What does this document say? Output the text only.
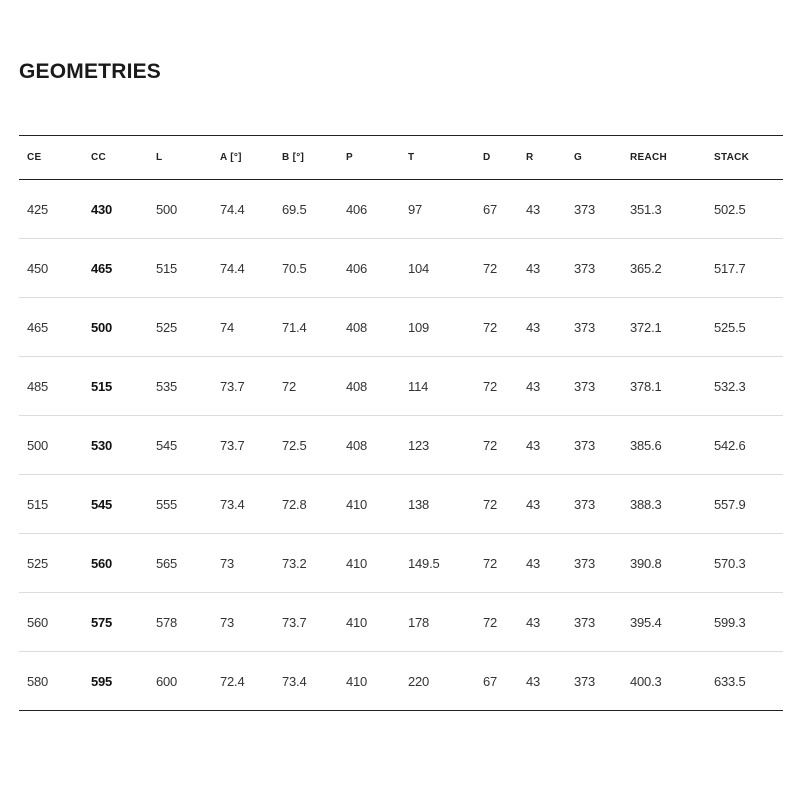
GEOMETRIES
CE	CC	L	A [°]	B [°]	P	T	D	R	G	REACH	STACK
425	430	500	74.4	69.5	406	97	67	43	373	351.3	502.5
450	465	515	74.4	70.5	406	104	72	43	373	365.2	517.7
465	500	525	74	71.4	408	109	72	43	373	372.1	525.5
485	515	535	73.7	72	408	114	72	43	373	378.1	532.3
500	530	545	73.7	72.5	408	123	72	43	373	385.6	542.6
515	545	555	73.4	72.8	410	138	72	43	373	388.3	557.9
525	560	565	73	73.2	410	149.5	72	43	373	390.8	570.3
560	575	578	73	73.7	410	178	72	43	373	395.4	599.3
580	595	600	72.4	73.4	410	220	67	43	373	400.3	633.5
